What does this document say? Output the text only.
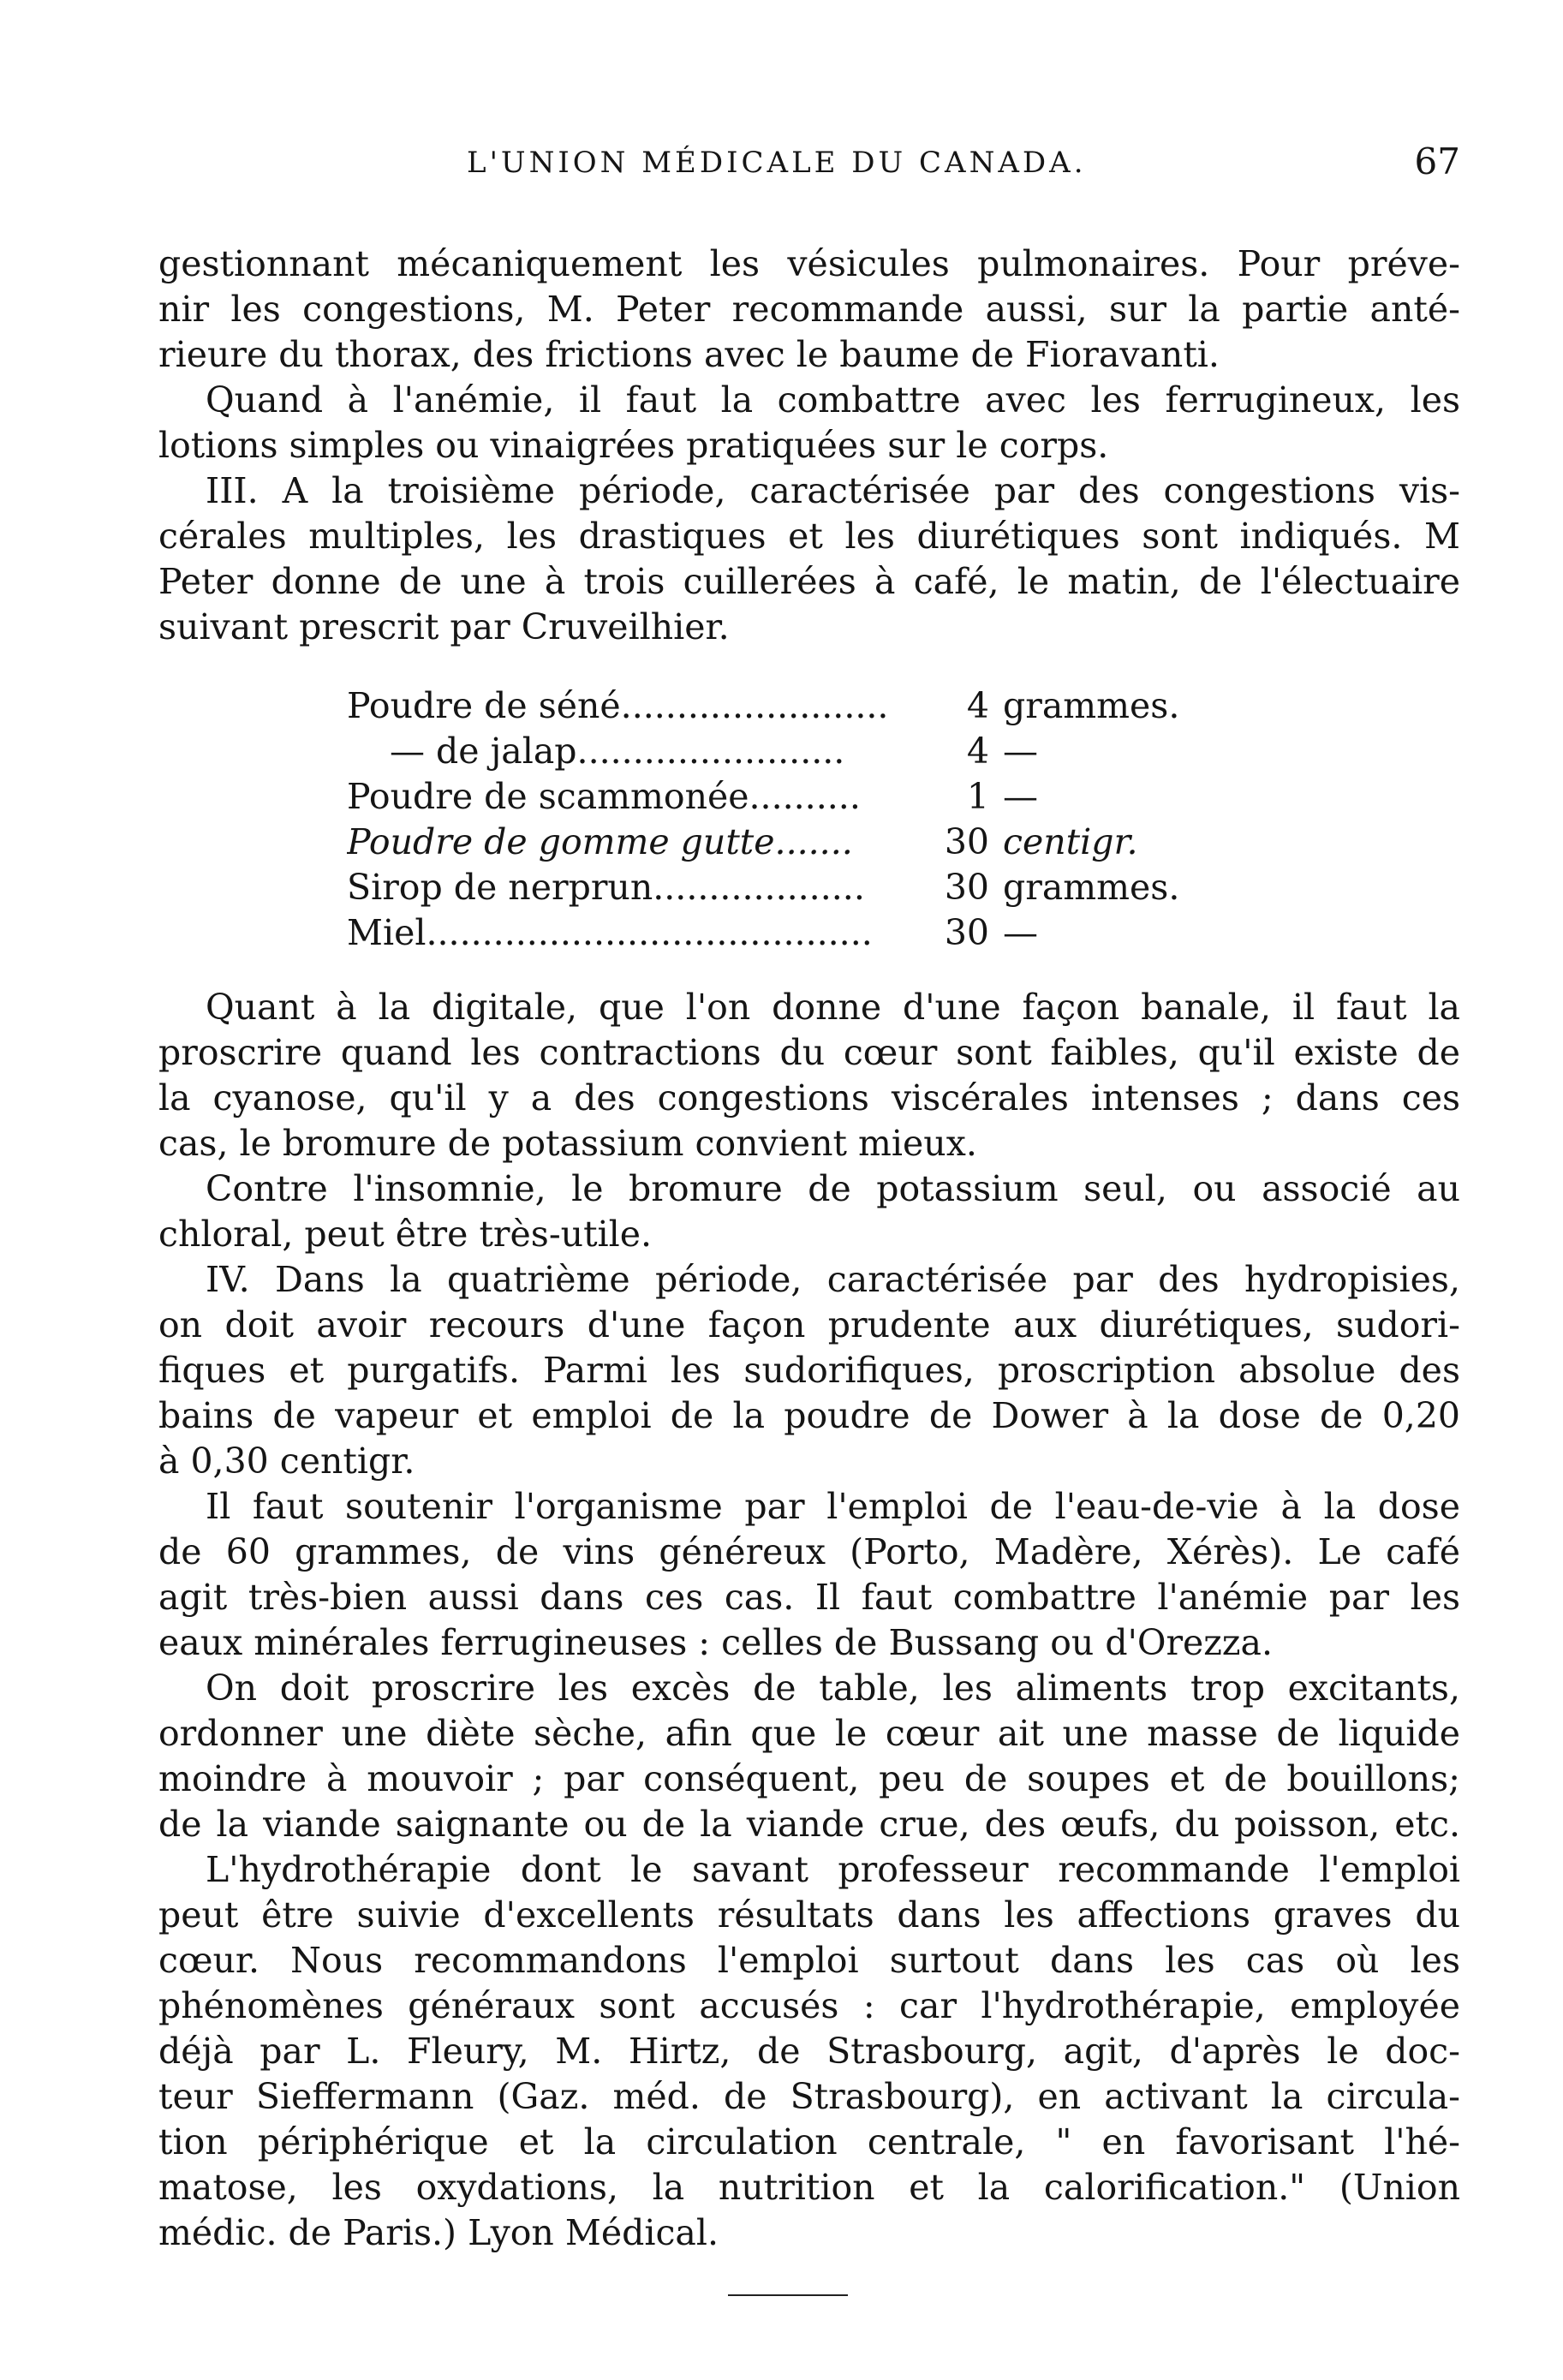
L'UNION MÉDICALE DU CANADA.	67

gestionnant mécaniquement les vésicules pulmonaires. Pour préve-
nir les congestions, M. Peter recommande aussi, sur la partie anté-
rieure du thorax, des frictions avec le baume de Fioravanti.

Quand à l'anémie, il faut la combattre avec les ferrugineux, les
lotions simples ou vinaigrées pratiquées sur le corps.

III. A la troisième période, caractérisée par des congestions vis-
cérales multiples, les drastiques et les diurétiques sont indiqués. M
Peter donne de une à trois cuillerées à café, le matin, de l'électuaire
suivant prescrit par Cruveilhier.

Poudre de séné........................	4 grammes.
— de jalap........................	4 —
Poudre de scammonée..........	1 —
Poudre de gomme gutte.......	30 centigr.
Sirop de nerprun...................	30 grammes.
Miel........................................	30 —

Quant à la digitale, que l'on donne d'une façon banale, il faut la
proscrire quand les contractions du cœur sont faibles, qu'il existe de
la cyanose, qu'il y a des congestions viscérales intenses ; dans ces
cas, le bromure de potassium convient mieux.

Contre l'insomnie, le bromure de potassium seul, ou associé au
chloral, peut être très-utile.

IV. Dans la quatrième période, caractérisée par des hydropisies,
on doit avoir recours d'une façon prudente aux diurétiques, sudori-
fiques et purgatifs. Parmi les sudorifiques, proscription absolue des
bains de vapeur et emploi de la poudre de Dower à la dose de 0,20
à 0,30 centigr.

Il faut soutenir l'organisme par l'emploi de l'eau-de-vie à la dose
de 60 grammes, de vins généreux (Porto, Madère, Xérès). Le café
agit très-bien aussi dans ces cas. Il faut combattre l'anémie par les
eaux minérales ferrugineuses : celles de Bussang ou d'Orezza.

On doit proscrire les excès de table, les aliments trop excitants,
ordonner une diète sèche, afin que le cœur ait une masse de liquide
moindre à mouvoir ; par conséquent, peu de soupes et de bouillons;
de la viande saignante ou de la viande crue, des œufs, du poisson, etc.

L'hydrothérapie dont le savant professeur recommande l'emploi
peut être suivie d'excellents résultats dans les affections graves du
cœur. Nous recommandons l'emploi surtout dans les cas où les
phénomènes généraux sont accusés : car l'hydrothérapie, employée
déjà par L. Fleury, M. Hirtz, de Strasbourg, agit, d'après le doc-
teur Sieffermann (Gaz. méd. de Strasbourg), en activant la circula-
tion périphérique et la circulation centrale, " en favorisant l'hé-
matose, les oxydations, la nutrition et la calorification." (Union
médic. de Paris.) Lyon Médical.
